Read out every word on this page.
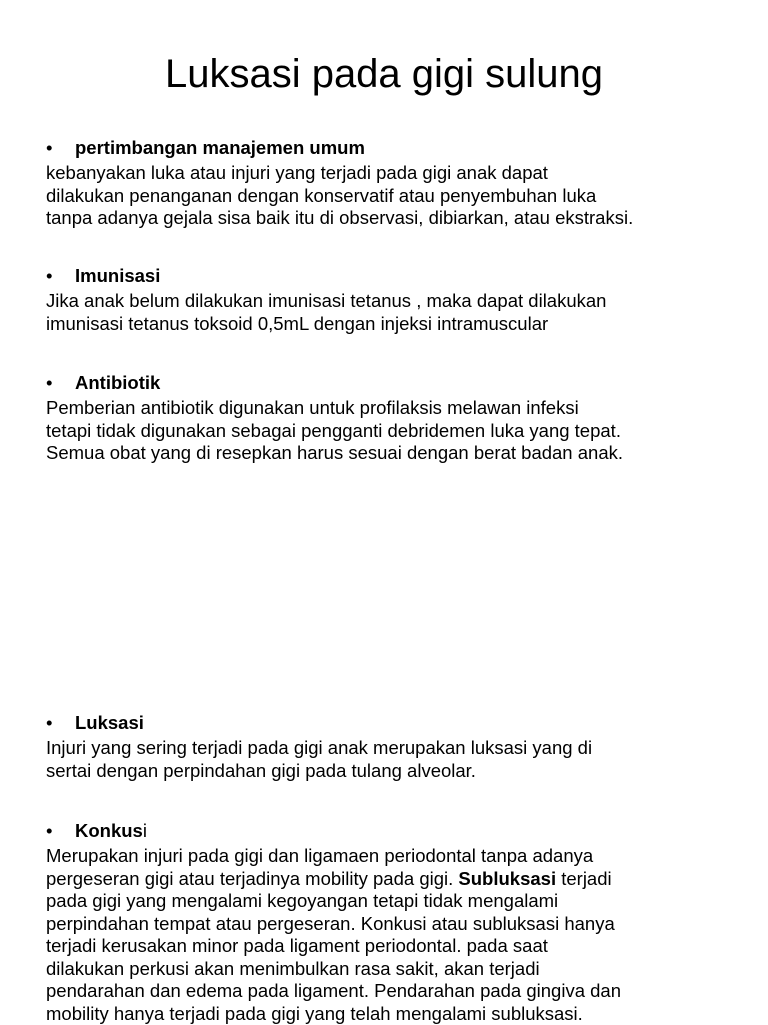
Luksasi pada gigi sulung
•	pertimbangan manajemen umum
kebanyakan luka atau injuri yang terjadi pada gigi anak dapat
dilakukan penanganan dengan konservatif atau penyembuhan luka
tanpa adanya gejala sisa baik itu di observasi, dibiarkan, atau ekstraksi.
•	Imunisasi
Jika anak belum dilakukan imunisasi tetanus , maka dapat dilakukan
imunisasi tetanus toksoid 0,5mL dengan injeksi intramuscular
•	Antibiotik
Pemberian antibiotik digunakan untuk profilaksis melawan infeksi
tetapi tidak digunakan sebagai pengganti debridemen luka yang tepat.
Semua obat yang di resepkan harus sesuai dengan berat badan anak.
•	Luksasi
Injuri yang sering terjadi pada gigi anak merupakan luksasi yang di
sertai dengan perpindahan gigi pada tulang alveolar.
•	Konkusi
Merupakan injuri pada gigi dan ligamaen periodontal tanpa adanya
pergeseran gigi atau terjadinya mobility pada gigi. Subluksasi terjadi
pada gigi yang mengalami kegoyangan tetapi tidak mengalami
perpindahan tempat atau pergeseran. Konkusi atau subluksasi hanya
terjadi kerusakan minor pada ligament periodontal. pada saat
dilakukan perkusi akan menimbulkan rasa sakit, akan terjadi
pendarahan dan edema pada ligament. Pendarahan pada gingiva dan
mobility hanya terjadi pada gigi yang telah mengalami subluksasi.
